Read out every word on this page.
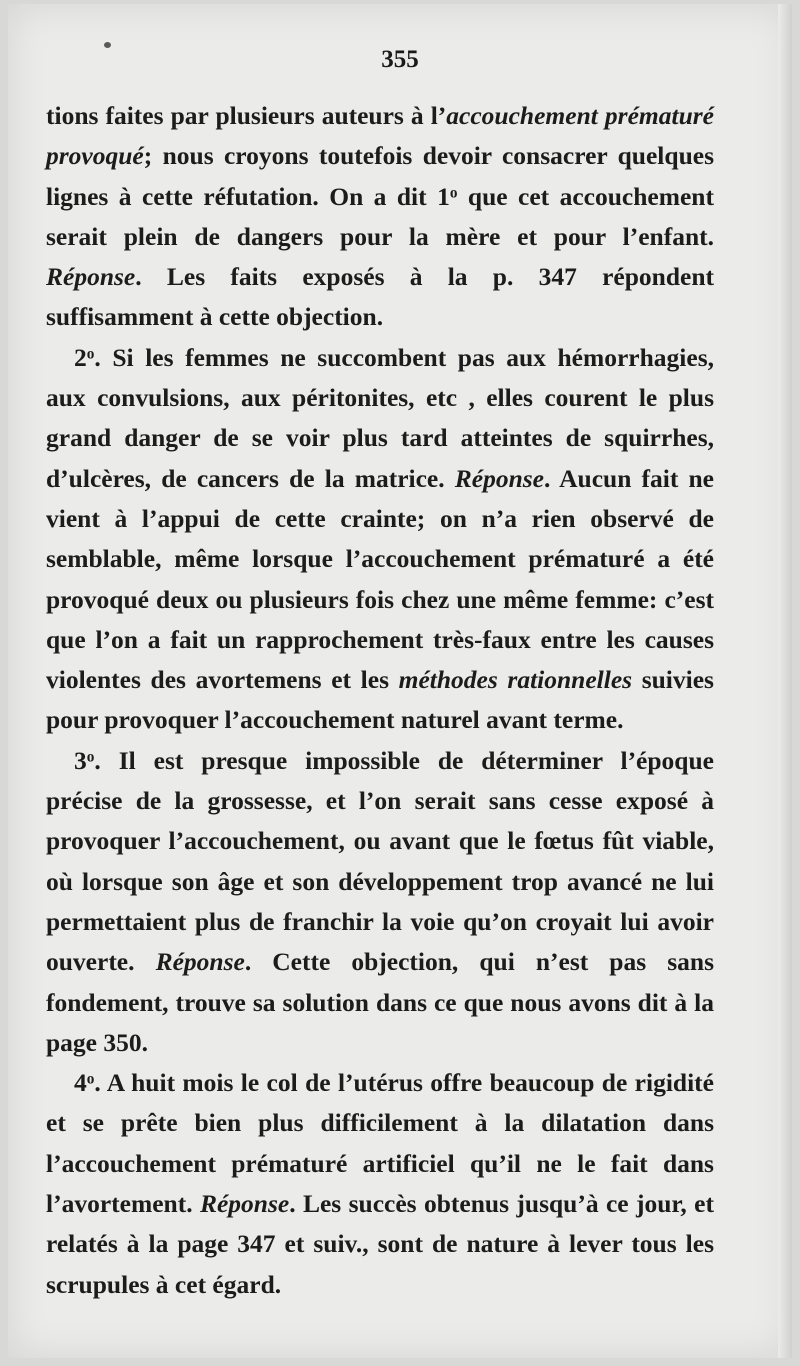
355

tions faites par plusieurs auteurs à l’accouchement prématuré provoqué; nous croyons toutefois devoir consacrer quelques lignes à cette réfutation. On a dit 1$^o$ que cet accouchement serait plein de dangers pour la mère et pour l’enfant. Réponse. Les faits exposés à la p. 347 répondent suffisamment à cette objection.

2$^o$. Si les femmes ne succombent pas aux hémorrhagies, aux convulsions, aux péritonites, etc , elles courent le plus grand danger de se voir plus tard atteintes de squirrhes, d’ulcères, de cancers de la matrice. Réponse. Aucun fait ne vient à l’appui de cette crainte; on n’a rien observé de semblable, même lorsque l’accouchement prématuré a été provoqué deux ou plusieurs fois chez une même femme: c’est que l’on a fait un rapprochement très-faux entre les causes violentes des avortemens et les méthodes rationnelles suivies pour provoquer l’accouchement naturel avant terme.

3$^o$. Il est presque impossible de déterminer l’époque précise de la grossesse, et l’on serait sans cesse exposé à provoquer l’accouchement, ou avant que le fœtus fût viable, où lorsque son âge et son développement trop avancé ne lui permettaient plus de franchir la voie qu’on croyait lui avoir ouverte. Réponse. Cette objection, qui n’est pas sans fondement, trouve sa solution dans ce que nous avons dit à la page 350.

4$^o$. A huit mois le col de l’utérus offre beaucoup de rigidité et se prête bien plus difficilement à la dilatation dans l’accouchement prématuré artificiel qu’il ne le fait dans l’avortement. Réponse. Les succès obtenus jusqu’à ce jour, et relatés à la page 347 et suiv., sont de nature à lever tous les scrupules à cet égard.
